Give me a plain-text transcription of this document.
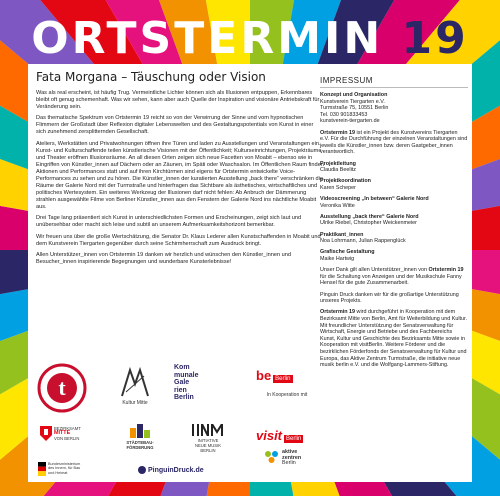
ORTSTERMIN 19
Fata Morgana – Täuschung oder Vision

Was als real erscheint, ist häufig Trug. Vermeintliche Lichter können sich als Illusionen entpuppen, Erkennbares bleibt oft genug schemenhaft. Was wir sehen, kann aber auch Quelle der Inspiration und visionäre Antriebskraft für Veränderung sein.

Das thematische Spektrum von Ortstermin 19 reicht so von der Verwirrung der Sinne und vom hypnotischen Flimmern der Großstadt über Reflexion digitaler Lebenswelten und des Gestaltungspotentials von Kunst in einer sich zunehmend zersplitternden Gesellschaft.

Ateliers, Werkstätten und Privatwohnungen öffnen ihre Türen und laden zu Ausstellungen und Veranstaltungen ein. Kunst- und Kulturschaffende teilen künstlerische Visionen mit der Öffentlichkeit; Kulturseinrichtungen, Projekträume und Theater eröffnen Illusionsräume. An all diesen Orten zeigen sich neue Facetten von Moabit – ebenso wie in Eingriffen von Künstler_innen auf Dächern oder an Zäunen, im Späti oder Waschsalon. Im Öffentlichen Raum finden Aktionen und Performances statt und auf ihren Kirchtürmen sind eigens für Ortstermin entwickelte Voice-Performances zu sehen und zu hören. Die Künstler_innen der kuratierten Ausstellung „back there“ verschränken die Räume der Galerie Nord mit der Turmstraße und hinterfragen das Sichtbare als ästhetisches, wirtschaftliches und politisches Wertesystem. Ein weiteres Werkzeug der Illusionen darf nicht fehlen: Ab Anbruch der Dämmerung strahlen ausgewählte Filme von Berliner Künstler_innen aus den Fenstern der Galerie Nord ins nächtliche Moabit aus.

Drei Tage lang präsentiert sich Kunst in unterschiedlichsten Formen und Erscheinungen, zeigt sich laut und unübersehbar oder macht sich leise und subtil an unserem Aufmerksamkeitshorizont bemerkbar.

Wir freuen uns über die große Wertschätzung, die Senator Dr. Klaus Lederer allen Kunstschaffenden in Moabit und dem Kunstverein Tiergarten gegenüber durch seine Schirmherrschaft zum Ausdruck bringt.

Allen Unterstützer_innen von Ortstermin 19 danken wir herzlich und wünschen den Künstler_innen und Besucher_innen inspirierende Begegnungen und wunderbare Kunsterlebnisse!

t
Kultur Mitte
Kom
munale
Gale
rien
Berlin
be Berlin
In Kooperation mit
BEZIRKSAMT
MITTE
VON BERLIN
STÄDTEBAU-
FÖRDERUNG
INITIATIVE
NEUE MUSIK
BERLIN
visit Berlin
Bundesministerium
des Innern, für Bau
und Heimat	PinguinDruck.de
aktive
zentren
Berlin
IMPRESSUM

Konzept und Organisation

Kunstverein Tiergarten e.V.

Turmstraße 75, 10551 Berlin

Tel. 030 901833453

kunstverein-tiergarten.de

Ortstermin 19 ist ein Projekt des Kunstvereins Tiergarten e.V. Für die Durchführung der einzelnen Veranstaltungen sind jeweils die Künstler_innen bzw. deren Gastgeber_innen verantwortlich.

Projektleitung

Claudia Beelitz

Projektkoordination

Karen Scheper

Videoscreening „In between“ Galerie Nord

Veronika Witte

Ausstellung „back there“ Galerie Nord

Ulrike Riebel, Christopher Weickenmeier

Praktikant_innen

Noa Lohrmann, Julian Rappenglück

Grafische Gestaltung

Maike Hartwig

Unser Dank gilt allen Unterstützer_innen von Ortstermin 19 für die Schaltung von Anzeigen und der Musikschule Fanny Hensel für die gute Zusammenarbeit.

Pinguin Druck danken wir für die großartige Unterstützung unseres Projekts.

Ortstermin 19 wird durchgeführt in Kooperation mit dem Bezirksamt Mitte von Berlin, Amt für Weiterbildung und Kultur. Mit freundlicher Unterstützung der Senatsverwaltung für Wirtschaft, Energie und Betriebe und des Fachbereichs Kunst, Kultur und Geschichte des Bezirksamts Mitte sowie in Kooperation mit visitBerlin. Weitere Förderer und die bezirklichen Förderfonds der Senatsverwaltung für Kultur und Europa, das Aktive Zentrum Turmstraße, die initiative neue musik berlin e.V. und die Wolfgang-Lammers-Stiftung.
